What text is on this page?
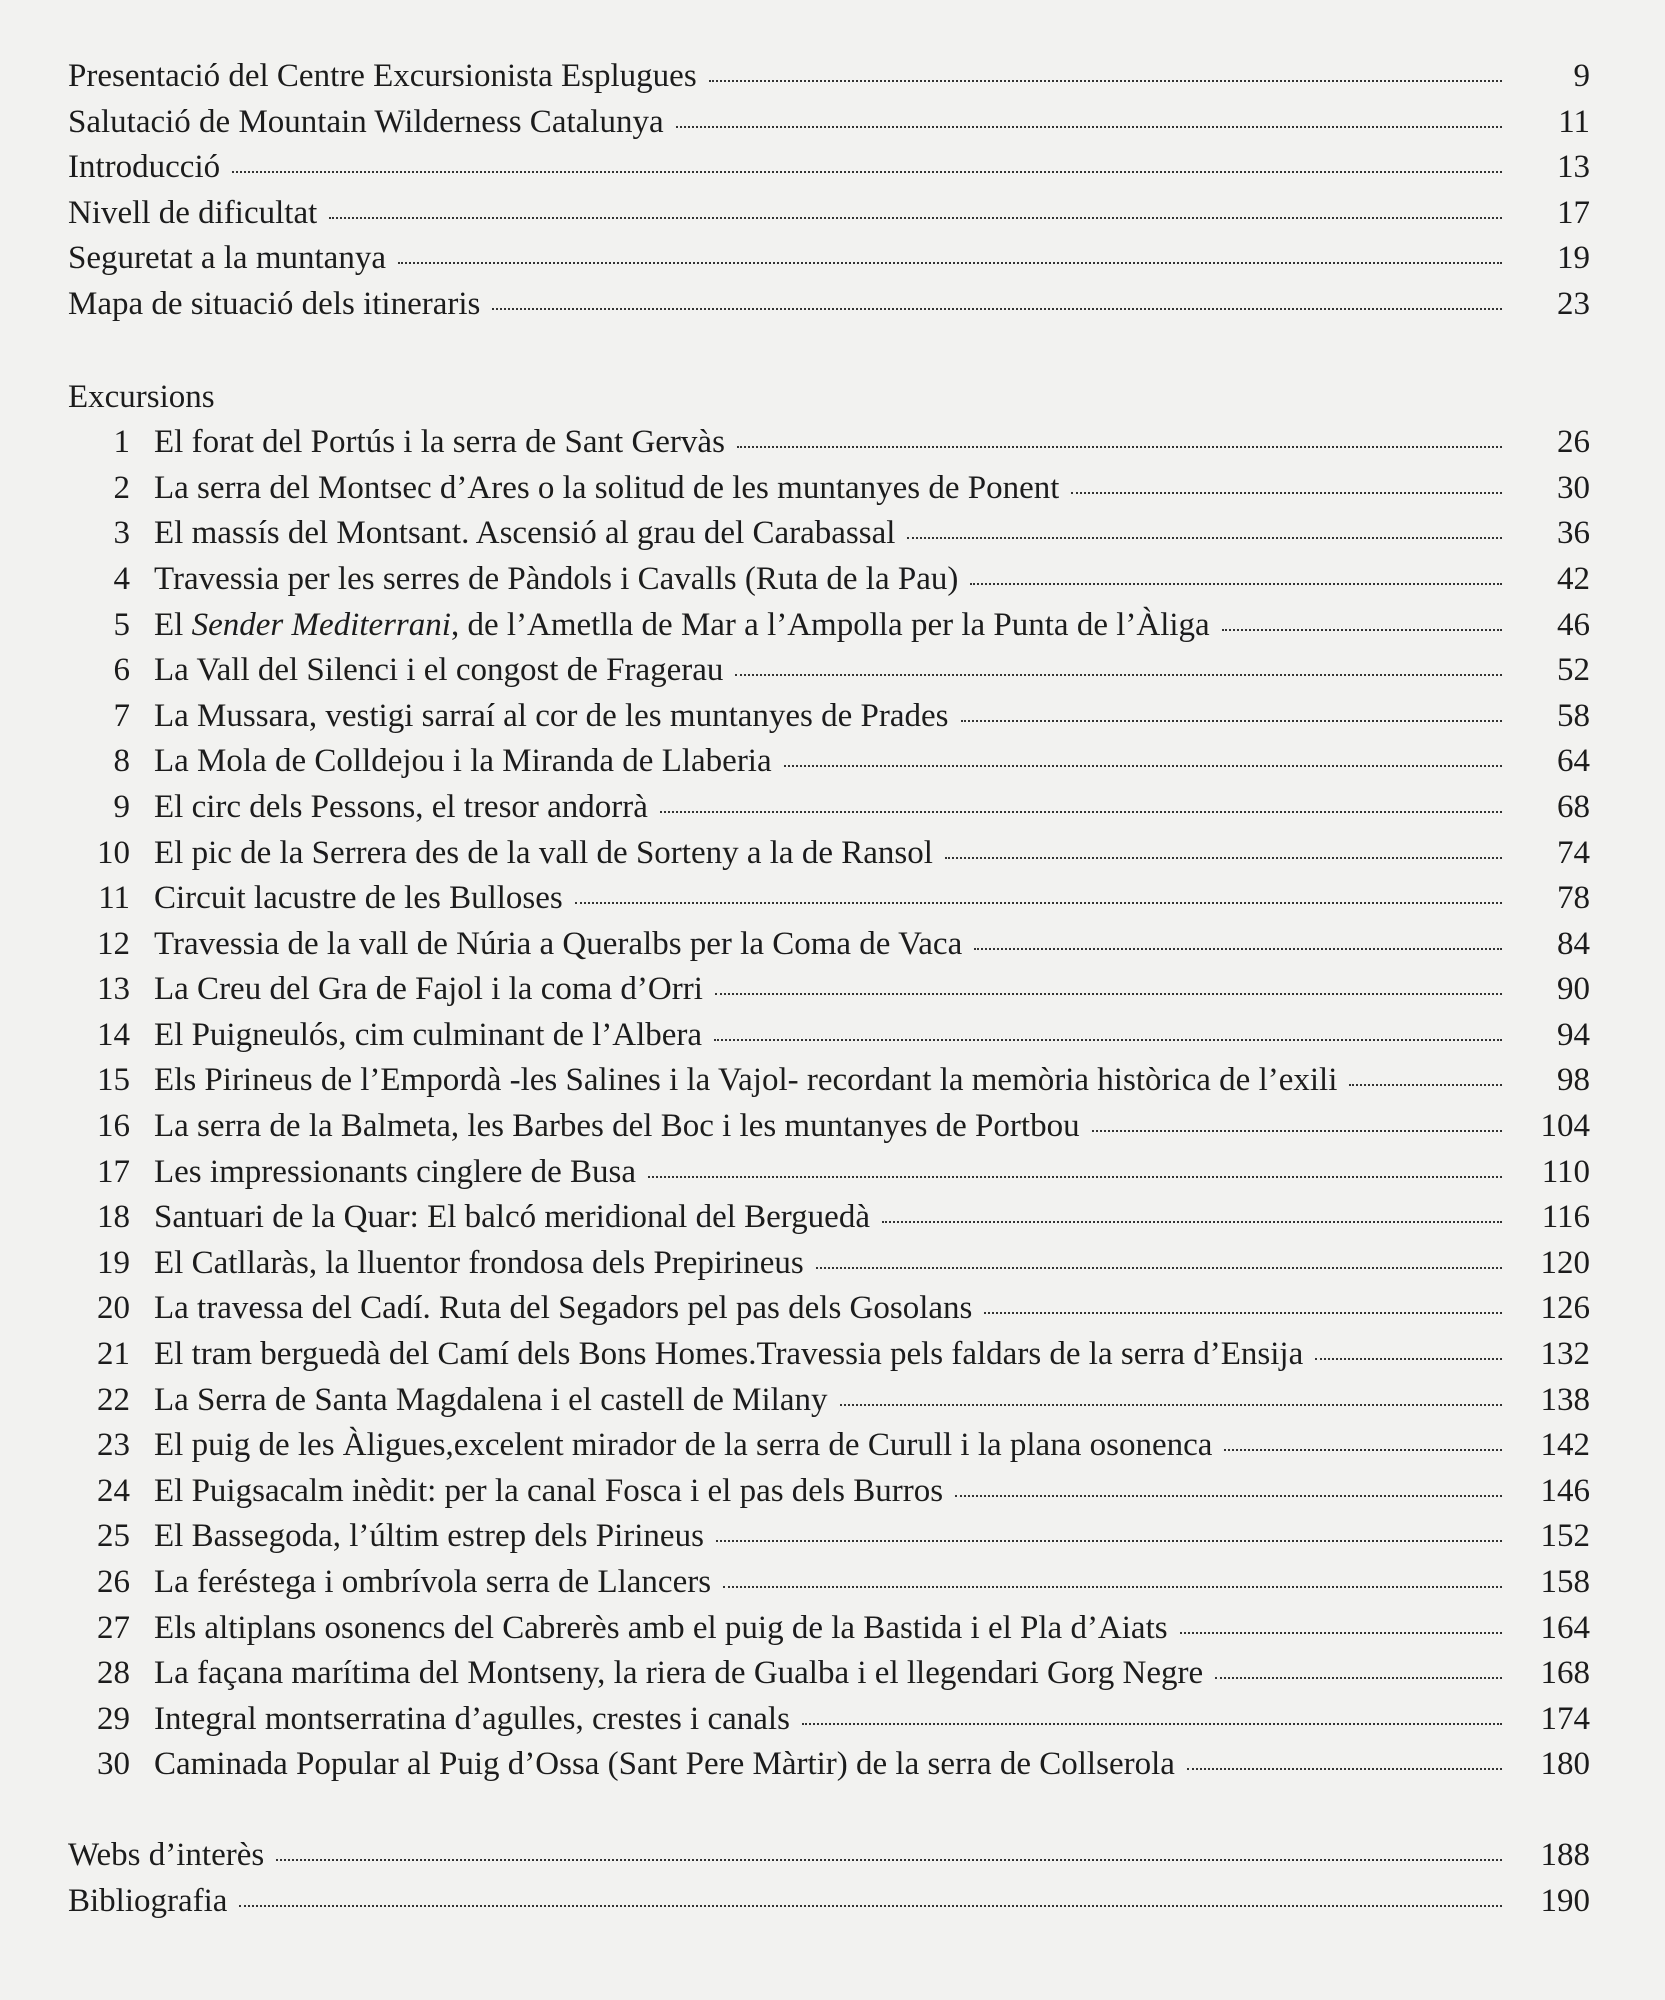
Presentació del Centre Excursionista Esplugues	9
Salutació de Mountain Wilderness Catalunya	11
Introducció	13
Nivell de dificultat	17
Seguretat a la muntanya	19
Mapa de situació dels itineraris	23
Excursions
1 El forat del Portús i la serra de Sant Gervàs	26
2 La serra del Montsec d’Ares o la solitud de les muntanyes de Ponent	30
3 El massís del Montsant. Ascensió al grau del Carabassal	36
4 Travessia per les serres de Pàndols i Cavalls (Ruta de la Pau)	42
5 El Sender Mediterrani, de l’Ametlla de Mar a l’Ampolla per la Punta de l’Àliga	46
6 La Vall del Silenci i el congost de Fragerau	52
7 La Mussara, vestigi sarraí al cor de les muntanyes de Prades	58
8 La Mola de Colldejou i la Miranda de Llaberia	64
9 El circ dels Pessons, el tresor andorrà	68
10 El pic de la Serrera des de la vall de Sorteny a la de Ransol	74
11 Circuit lacustre de les Bulloses	78
12 Travessia de la vall de Núria a Queralbs per la Coma de Vaca	84
13 La Creu del Gra de Fajol i la coma d’Orri	90
14 El Puigneulós, cim culminant de l’Albera	94
15 Els Pirineus de l’Empordà -les Salines i la Vajol- recordant la memòria històrica de l’exili	98
16 La serra de la Balmeta, les Barbes del Boc i les muntanyes de Portbou	104
17 Les impressionants cinglere de Busa	110
18 Santuari de la Quar: El balcó meridional del Berguedà	116
19 El Catllaràs, la lluentor frondosa dels Prepirineus	120
20 La travessa del Cadí. Ruta del Segadors pel pas dels Gosolans	126
21 El tram berguedà del Camí dels Bons Homes.Travessia pels faldars de la serra d’Ensija	132
22 La Serra de Santa Magdalena i el castell de Milany	138
23 El puig de les Àligues,excelent mirador de la serra de Curull i la plana osonenca	142
24 El Puigsacalm inèdit: per la canal Fosca i el pas dels Burros	146
25 El Bassegoda, l’últim estrep dels Pirineus	152
26 La feréstega i ombrívola serra de Llancers	158
27 Els altiplans osonencs del Cabrerès amb el puig de la Bastida i el Pla d’Aiats	164
28 La façana marítima del Montseny, la riera de Gualba i el llegendari Gorg Negre	168
29 Integral montserratina d’agulles, crestes i canals	174
30 Caminada Popular al Puig d’Ossa (Sant Pere Màrtir) de la serra de Collserola	180
Webs d’interès	188
Bibliografia	190
